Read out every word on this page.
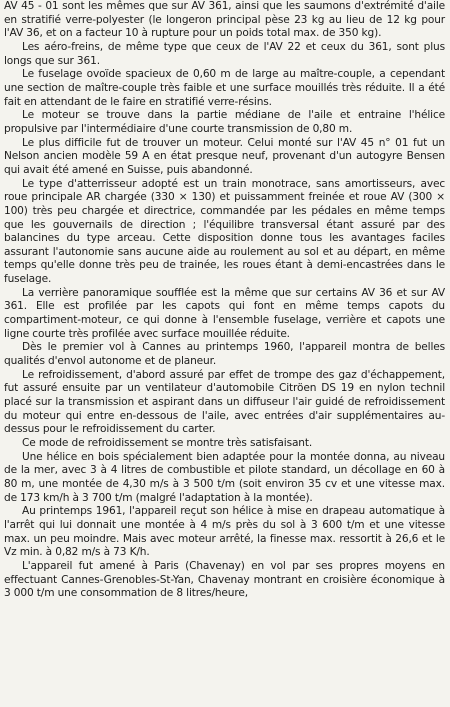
AV 45 - 01 sont les mêmes que sur AV 361, ainsi que les saumons d'extrémité d'aile en stratifié verre-polyester (le longeron principal pèse 23 kg au lieu de 12 kg pour l'AV 36, et on a facteur 10 à rupture pour un poids total max. de 350 kg).

Les aéro-freins, de même type que ceux de l'AV 22 et ceux du 361, sont plus longs que sur 361.

Le fuselage ovoïde spacieux de 0,60 m de large au maître-couple, a cependant une section de maître-couple très faible et une surface mouillés très réduite. Il a été fait en attendant de le faire en stratifié verre-résins.

Le moteur se trouve dans la partie médiane de l'aile et entraine l'hélice propulsive par l'intermédiaire d'une courte transmission de 0,80 m.

Le plus difficile fut de trouver un moteur. Celui monté sur l'AV 45 n° 01 fut un Nelson ancien modèle 59 A en état presque neuf, provenant d'un autogyre Bensen qui avait été amené en Suisse, puis abandonné.

Le type d'atterrisseur adopté est un train monotrace, sans amortisseurs, avec roue principale AR chargée (330 × 130) et puissamment freinée et roue AV (300 × 100) très peu chargée et directrice, commandée par les pédales en même temps que les gouvernails de direction ; l'équilibre transversal étant assuré par des balancines du type arceau. Cette disposition donne tous les avantages faciles assurant l'autonomie sans aucune aide au roulement au sol et au départ, en même temps qu'elle donne très peu de trainée, les roues étant à demi-encastrées dans le fuselage.

La verrière panoramique soufflée est la même que sur certains AV 36 et sur AV 361. Elle est profilée par les capots qui font en même temps capots du compartiment-moteur, ce qui donne à l'ensemble fuselage, verrière et capots une ligne courte très profilée avec surface mouillée réduite.

Dès le premier vol à Cannes au printemps 1960, l'appareil montra de belles qualités d'envol autonome et de planeur.

Le refroidissement, d'abord assuré par effet de trompe des gaz d'échappement, fut assuré ensuite par un ventilateur d'automobile Citröen DS 19 en nylon technil placé sur la transmission et aspirant dans un diffuseur l'air guidé de refroidissement du moteur qui entre en-dessous de l'aile, avec entrées d'air supplémentaires au-dessus pour le refroidissement du carter.

Ce mode de refroidissement se montre très satisfaisant.

Une hélice en bois spécialement bien adaptée pour la montée donna, au niveau de la mer, avec 3 à 4 litres de combustible et pilote standard, un décollage en 60 à 80 m, une montée de 4,30 m/s à 3 500 t/m (soit environ 35 cv et une vitesse max. de 173 km/h à 3 700 t/m (malgré l'adaptation à la montée).

Au printemps 1961, l'appareil reçut son hélice à mise en drapeau automatique à l'arrêt qui lui donnait une montée à 4 m/s près du sol à 3 600 t/m et une vitesse max. un peu moindre. Mais avec moteur arrêté, la finesse max. ressortit à 26,6 et le Vz min. à 0,82 m/s à 73 K/h.

L'appareil fut amené à Paris (Chavenay) en vol par ses propres moyens en effectuant Cannes-Grenobles-St-Yan, Chavenay montrant en croisière économique à 3 000 t/m une consommation de 8 litres/heure,
